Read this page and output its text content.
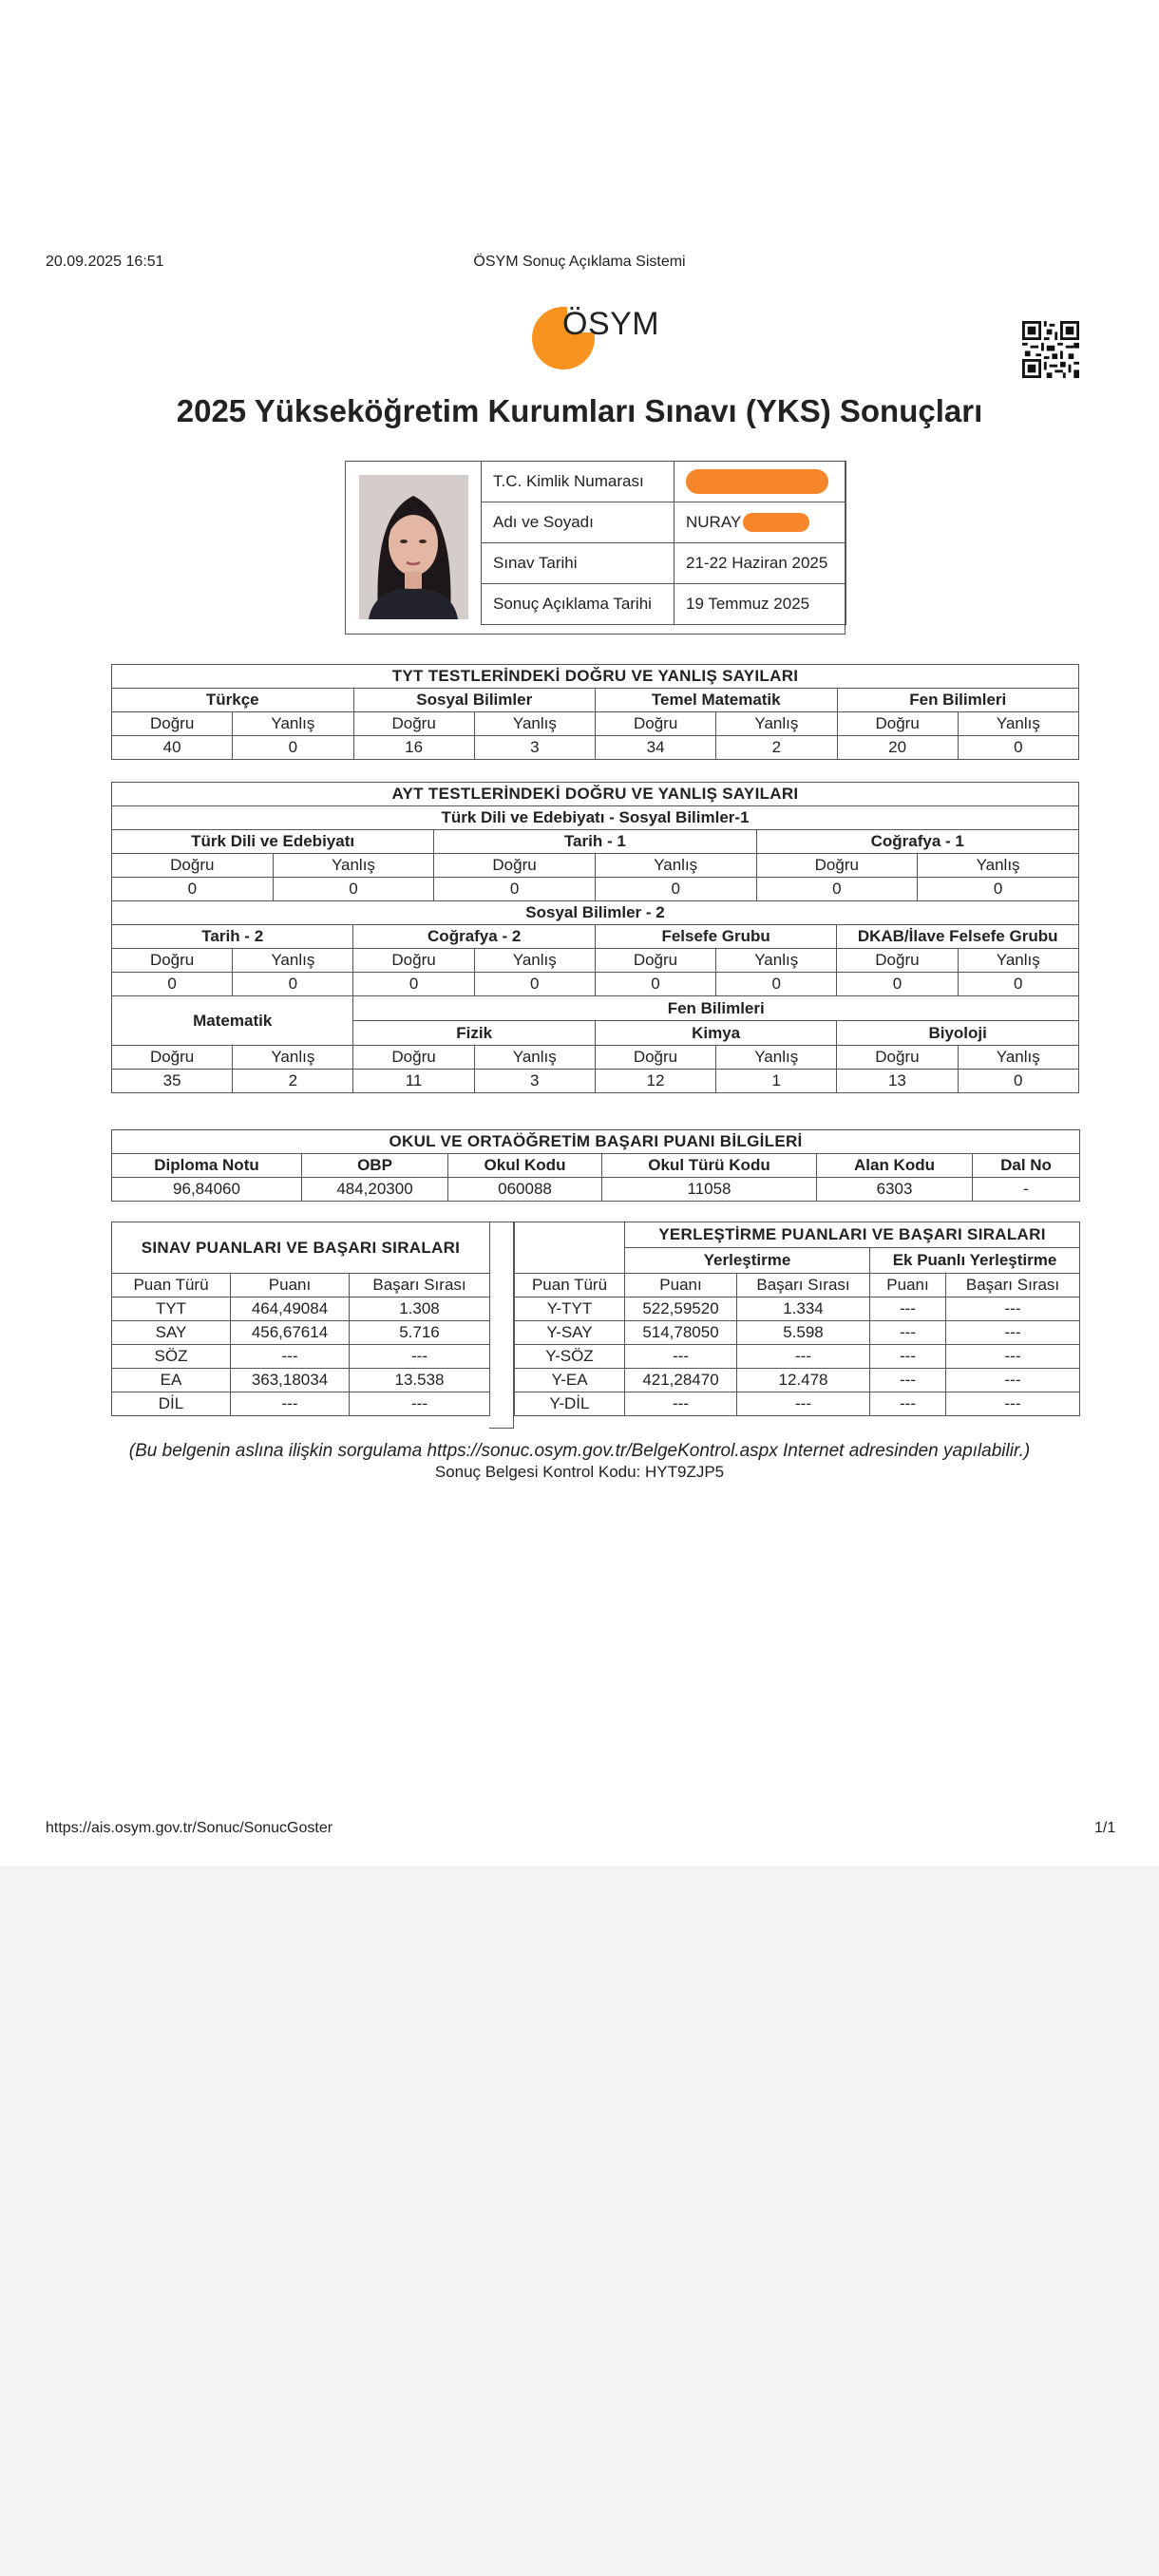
20.09.2025 16:51	ÖSYM Sonuç Açıklama Sistemi
ÖSYM
2025 Yükseköğretim Kurumları Sınavı (YKS) Sonuçları
T.C. Kimlik Numarası	
Adı ve Soyadı	NURAY
Sınav Tarihi	21-22 Haziran 2025
Sonuç Açıklama Tarihi	19 Temmuz 2025
TYT TESTLERİNDEKİ DOĞRU VE YANLIŞ SAYILARI							
Türkçe		Sosyal Bilimler		Temel Matematik		Fen Bilimleri	
Doğru	Yanlış	Doğru	Yanlış	Doğru	Yanlış	Doğru	Yanlış
40	0	16	3	34	2	20	0
AYT TESTLERİNDEKİ DOĞRU VE YANLIŞ SAYILARI											
Türk Dili ve Edebiyatı - Sosyal Bilimler-1											
Türk Dili ve Edebiyatı				Tarih - 1				Coğrafya - 1			
Doğru		Yanlış		Doğru		Yanlış		Doğru		Yanlış	
0		0		0		0		0		0	
Sosyal Bilimler - 2											
Tarih - 2			Coğrafya - 2			Felsefe Grubu			DKAB/İlave Felsefe Grubu		
Doğru	Yanlış		Doğru		Yanlış	Doğru	Yanlış		Doğru		Yanlış
0	0		0		0	0	0		0		0
Matematik			Fen Bilimleri								
			Fizik			Kimya			Biyoloji		
Doğru	Yanlış		Doğru		Yanlış	Doğru	Yanlış		Doğru		Yanlış
35	2		11		3	12	1		13		0
OKUL VE ORTAÖĞRETİM BAŞARI PUANI BİLGİLERİ					
Diploma Notu	OBP	Okul Kodu	Okul Türü Kodu	Alan Kodu	Dal No
96,84060	484,20300	060088	11058	6303	-
SINAV PUANLARI VE BAŞARI SIRALARI		
Puan Türü	Puanı	Başarı Sırası
TYT	464,49084	1.308
SAY	456,67614	5.716
SÖZ	---	---
EA	363,18034	13.538
DİL	---	---
	YERLEŞTİRME PUANLARI VE BAŞARI SIRALARI			
	Yerleştirme		Ek Puanlı Yerleştirme	
Puan Türü	Puanı	Başarı Sırası	Puanı	Başarı Sırası
Y-TYT	522,59520	1.334	---	---
Y-SAY	514,78050	5.598	---	---
Y-SÖZ	---	---	---	---
Y-EA	421,28470	12.478	---	---
Y-DİL	---	---	---	---
(Bu belgenin aslına ilişkin sorgulama https://sonuc.osym.gov.tr/BelgeKontrol.aspx Internet adresinden yapılabilir.)
Sonuç Belgesi Kontrol Kodu: HYT9ZJP5
https://ais.osym.gov.tr/Sonuc/SonucGoster	1/1
